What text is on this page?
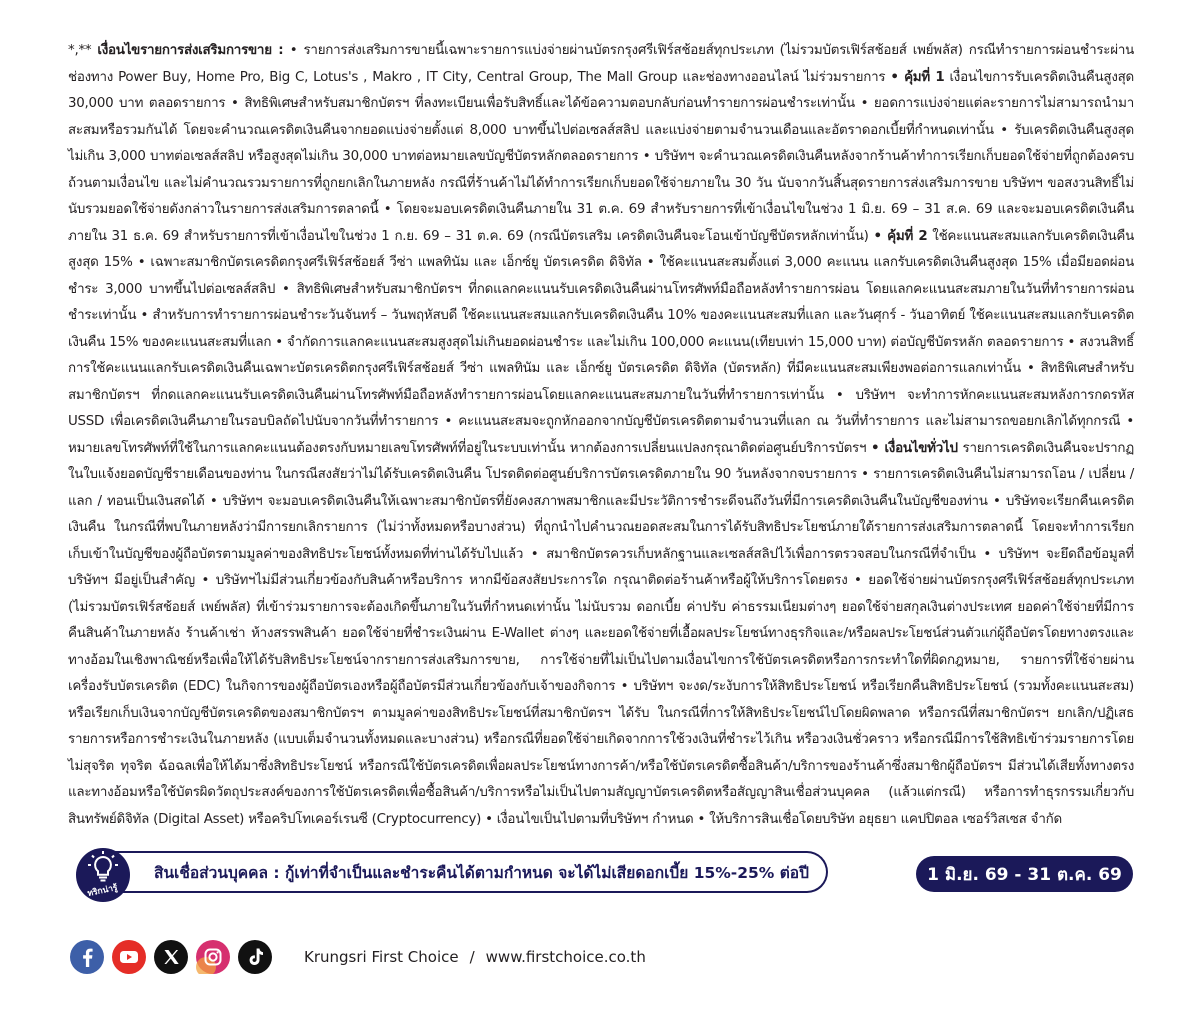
*,** เงื่อนไขรายการส่งเสริมการขาย : • รายการส่งเสริมการขายนี้เฉพาะรายการแบ่งจ่ายผ่านบัตรกรุงศรีเฟิร์สช้อยส์ทุกประเภท (ไม่รวมบัตรเฟิร์สช้อยส์ เพย์พลัส) กรณีทำรายการผ่อนชำระผ่านช่องทาง Power Buy, Home Pro, Big C, Lotus's , Makro , IT City, Central Group, The Mall Group และช่องทางออนไลน์ ไม่ร่วมรายการ • คุ้มที่ 1 เงื่อนไขการรับเครดิตเงินคืนสูงสุด 30,000 บาท ตลอดรายการ • สิทธิพิเศษสำหรับสมาชิกบัตรฯ ที่ลงทะเบียนเพื่อรับสิทธิ์และได้ข้อความตอบกลับก่อนทำรายการผ่อนชำระเท่านั้น • ยอดการแบ่งจ่ายแต่ละรายการไม่สามารถนำมาสะสมหรือรวมกันได้ โดยจะคำนวณเครดิตเงินคืนจากยอดแบ่งจ่ายตั้งแต่ 8,000 บาทขึ้นไปต่อเซลส์สลิป และแบ่งจ่ายตามจำนวนเดือนและอัตราดอกเบี้ยที่กำหนดเท่านั้น • รับเครดิตเงินคืนสูงสุดไม่เกิน 3,000 บาทต่อเซลส์สลิป หรือสูงสุดไม่เกิน 30,000 บาทต่อหมายเลขบัญชีบัตรหลักตลอดรายการ • บริษัทฯ จะคำนวณเครดิตเงินคืนหลังจากร้านค้าทำการเรียกเก็บยอดใช้จ่ายที่ถูกต้องครบถ้วนตามเงื่อนไข และไม่คำนวณรวมรายการที่ถูกยกเลิกในภายหลัง กรณีที่ร้านค้าไม่ได้ทำการเรียกเก็บยอดใช้จ่ายภายใน 30 วัน นับจากวันสิ้นสุดรายการส่งเสริมการขาย บริษัทฯ ขอสงวนสิทธิ์ไม่นับรวมยอดใช้จ่ายดังกล่าวในรายการส่งเสริมการตลาดนี้ • โดยจะมอบเครดิตเงินคืนภายใน 31 ต.ค. 69 สำหรับรายการที่เข้าเงื่อนไขในช่วง 1 มิ.ย. 69 – 31 ส.ค. 69 และจะมอบเครดิตเงินคืนภายใน 31 ธ.ค. 69 สำหรับรายการที่เข้าเงื่อนไขในช่วง 1 ก.ย. 69 – 31 ต.ค. 69 (กรณีบัตรเสริม เครดิตเงินคืนจะโอนเข้าบัญชีบัตรหลักเท่านั้น) • คุ้มที่ 2 ใช้คะแนนสะสมแลกรับเครดิตเงินคืนสูงสุด 15% • เฉพาะสมาชิกบัตรเครดิตกรุงศรีเฟิร์สช้อยส์ วีซ่า แพลทินัม และ เอ็กซ์ยู บัตรเครดิต ดิจิทัล • ใช้คะแนนสะสมตั้งแต่ 3,000 คะแนน แลกรับเครดิตเงินคืนสูงสุด 15% เมื่อมียอดผ่อนชำระ 3,000 บาทขึ้นไปต่อเซลส์สลิป • สิทธิพิเศษสำหรับสมาชิกบัตรฯ ที่กดแลกคะแนนรับเครดิตเงินคืนผ่านโทรศัพท์มือถือหลังทำรายการผ่อน โดยแลกคะแนนสะสมภายในวันที่ทำรายการผ่อนชำระเท่านั้น • สำหรับการทำรายการผ่อนชำระวันจันทร์ – วันพฤหัสบดี ใช้คะแนนสะสมแลกรับเครดิตเงินคืน 10% ของคะแนนสะสมที่แลก และวันศุกร์ - วันอาทิตย์ ใช้คะแนนสะสมแลกรับเครดิตเงินคืน 15% ของคะแนนสะสมที่แลก • จำกัดการแลกคะแนนสะสมสูงสุดไม่เกินยอดผ่อนชำระ และไม่เกิน 100,000 คะแนน(เทียบเท่า 15,000 บาท) ต่อบัญชีบัตรหลัก ตลอดรายการ • สงวนสิทธิ์การใช้คะแนนแลกรับเครดิตเงินคืนเฉพาะบัตรเครดิตกรุงศรีเฟิร์สช้อยส์ วีซ่า แพลทินัม และ เอ็กซ์ยู บัตรเครดิต ดิจิทัล (บัตรหลัก) ที่มีคะแนนสะสมเพียงพอต่อการแลกเท่านั้น • สิทธิพิเศษสำหรับสมาชิกบัตรฯ ที่กดแลกคะแนนรับเครดิตเงินคืนผ่านโทรศัพท์มือถือหลังทำรายการผ่อนโดยแลกคะแนนสะสมภายในวันที่ทำรายการเท่านั้น • บริษัทฯ จะทำการหักคะแนนสะสมหลังการกดรหัส USSD เพื่อเครดิตเงินคืนภายในรอบบิลถัดไปนับจากวันที่ทำรายการ • คะแนนสะสมจะถูกหักออกจากบัญชีบัตรเครดิตตามจำนวนที่แลก ณ วันที่ทำรายการ และไม่สามารถขอยกเลิกได้ทุกกรณี • หมายเลขโทรศัพท์ที่ใช้ในการแลกคะแนนต้องตรงกับหมายเลขโทรศัพท์ที่อยู่ในระบบเท่านั้น หากต้องการเปลี่ยนแปลงกรุณาติดต่อศูนย์บริการบัตรฯ • เงื่อนไขทั่วไป รายการเครดิตเงินคืนจะปรากฏในใบแจ้งยอดบัญชีรายเดือนของท่าน ในกรณีสงสัยว่าไม่ได้รับเครดิตเงินคืน โปรดติดต่อศูนย์บริการบัตรเครดิตภายใน 90 วันหลังจากจบรายการ • รายการเครดิตเงินคืนไม่สามารถโอน / เปลี่ยน / แลก / ทอนเป็นเงินสดได้ • บริษัทฯ จะมอบเครดิตเงินคืนให้เฉพาะสมาชิกบัตรที่ยังคงสภาพสมาชิกและมีประวัติการชำระดีจนถึงวันที่มีการเครดิตเงินคืนในบัญชีของท่าน • บริษัทจะเรียกคืนเครดิตเงินคืน ในกรณีที่พบในภายหลังว่ามีการยกเลิกรายการ (ไม่ว่าทั้งหมดหรือบางส่วน) ที่ถูกนำไปคำนวณยอดสะสมในการได้รับสิทธิประโยชน์ภายใต้รายการส่งเสริมการตลาดนี้ โดยจะทำการเรียกเก็บเข้าในบัญชีของผู้ถือบัตรตามมูลค่าของสิทธิประโยชน์ทั้งหมดที่ท่านได้รับไปแล้ว • สมาชิกบัตรควรเก็บหลักฐานและเซลส์สลิปไว้เพื่อการตรวจสอบในกรณีที่จำเป็น • บริษัทฯ จะยึดถือข้อมูลที่บริษัทฯ มีอยู่เป็นสำคัญ • บริษัทฯไม่มีส่วนเกี่ยวข้องกับสินค้าหรือบริการ หากมีข้อสงสัยประการใด กรุณาติดต่อร้านค้าหรือผู้ให้บริการโดยตรง • ยอดใช้จ่ายผ่านบัตรกรุงศรีเฟิร์สช้อยส์ทุกประเภท (ไม่รวมบัตรเฟิร์สช้อยส์ เพย์พลัส) ที่เข้าร่วมรายการจะต้องเกิดขึ้นภายในวันที่กำหนดเท่านั้น ไม่นับรวม ดอกเบี้ย ค่าปรับ ค่าธรรมเนียมต่างๆ ยอดใช้จ่ายสกุลเงินต่างประเทศ ยอดค่าใช้จ่ายที่มีการคืนสินค้าในภายหลัง ร้านค้าเช่า ห้างสรรพสินค้า ยอดใช้จ่ายที่ชำระเงินผ่าน E-Wallet ต่างๆ และยอดใช้จ่ายที่เอื้อผลประโยชน์ทางธุรกิจและ/หรือผลประโยชน์ส่วนตัวแก่ผู้ถือบัตรโดยทางตรงและทางอ้อมในเชิงพาณิชย์หรือเพื่อให้ได้รับสิทธิประโยชน์จากรายการส่งเสริมการขาย, การใช้จ่ายที่ไม่เป็นไปตามเงื่อนไขการใช้บัตรเครดิตหรือการกระทำใดที่ผิดกฎหมาย, รายการที่ใช้จ่ายผ่านเครื่องรับบัตรเครดิต (EDC) ในกิจการของผู้ถือบัตรเองหรือผู้ถือบัตรมีส่วนเกี่ยวข้องกับเจ้าของกิจการ • บริษัทฯ จะงด/ระงับการให้สิทธิประโยชน์ หรือเรียกคืนสิทธิประโยชน์ (รวมทั้งคะแนนสะสม) หรือเรียกเก็บเงินจากบัญชีบัตรเครดิตของสมาชิกบัตรฯ ตามมูลค่าของสิทธิประโยชน์ที่สมาชิกบัตรฯ ได้รับ ในกรณีที่การให้สิทธิประโยชน์ไปโดยผิดพลาด หรือกรณีที่สมาชิกบัตรฯ ยกเลิก/ปฏิเสธรายการหรือการชำระเงินในภายหลัง (แบบเต็มจำนวนทั้งหมดและบางส่วน) หรือกรณีที่ยอดใช้จ่ายเกิดจากการใช้วงเงินที่ชำระไว้เกิน หรือวงเงินชั่วคราว หรือกรณีมีการใช้สิทธิเข้าร่วมรายการโดยไม่สุจริต ทุจริต ฉ้อฉลเพื่อให้ได้มาซึ่งสิทธิประโยชน์ หรือกรณีใช้บัตรเครดิตเพื่อผลประโยชน์ทางการค้า/หรือใช้บัตรเครดิตซื้อสินค้า/บริการของร้านค้าซึ่งสมาชิกผู้ถือบัตรฯ มีส่วนได้เสียทั้งทางตรงและทางอ้อมหรือใช้บัตรผิดวัตถุประสงค์ของการใช้บัตรเครดิตเพื่อซื้อสินค้า/บริการหรือไม่เป็นไปตามสัญญาบัตรเครดิตหรือสัญญาสินเชื่อส่วนบุคคล (แล้วแต่กรณี) หรือการทำธุรกรรมเกี่ยวกับสินทรัพย์ดิจิทัล (Digital Asset) หรือคริปโทเคอร์เรนซี (Cryptocurrency) • เงื่อนไขเป็นไปตามที่บริษัทฯ กำหนด • ให้บริการสินเชื่อโดยบริษัท อยุธยา แคปปิตอล เซอร์วิสเซส จำกัด

สินเชื่อส่วนบุคคล : กู้เท่าที่จำเป็นและชำระคืนได้ตามกำหนด จะได้ไม่เสียดอกเบี้ย 15%-25% ต่อปี
ทริกน่ารู้
1 มิ.ย. 69 - 31 ต.ค. 69
Krungsri First Choice / www.firstchoice.co.th
